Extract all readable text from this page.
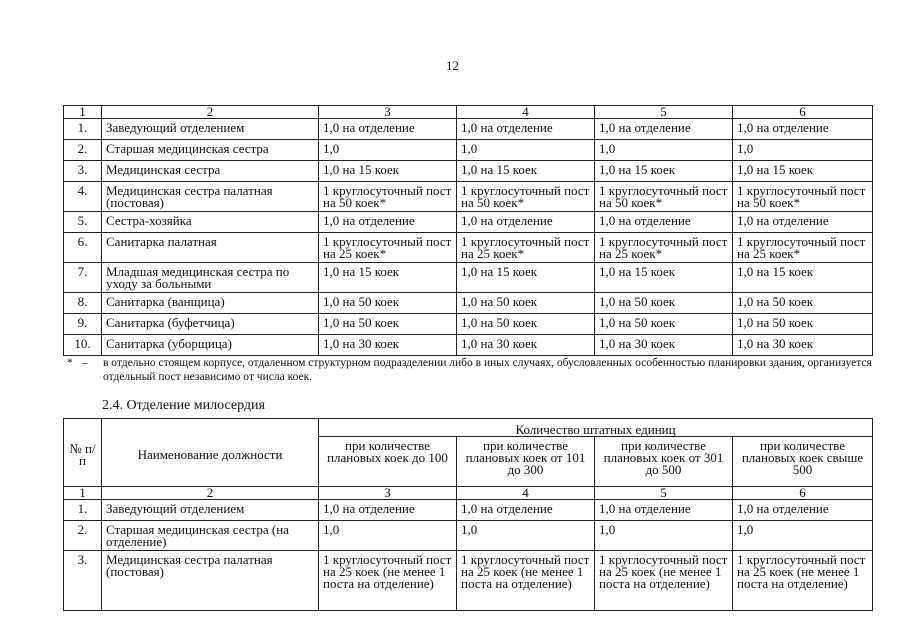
12
1	2	3	4	5	6
1.	Заведующий отделением	1,0 на отделение	1,0 на отделение	1,0 на отделение	1,0 на отделение
2.	Старшая медицинская сестра	1,0	1,0	1,0	1,0
3.	Медицинская сестра	1,0 на 15 коек	1,0 на 15 коек	1,0 на 15 коек	1,0 на 15 коек
4.	Медицинская сестра палатная (постовая)	1 круглосуточный пост на 50 коек*	1 круглосуточный пост на 50 коек*	1 круглосуточный пост на 50 коек*	1 круглосуточный пост на 50 коек*
5.	Сестра-хозяйка	1,0 на отделение	1,0 на отделение	1,0 на отделение	1,0 на отделение
6.	Санитарка палатная	1 круглосуточный пост на 25 коек*	1 круглосуточный пост на 25 коек*	1 круглосуточный пост на 25 коек*	1 круглосуточный пост на 25 коек*
7.	Младшая медицинская сестра по уходу за больными	1,0 на 15 коек	1,0 на 15 коек	1,0 на 15 коек	1,0 на 15 коек
8.	Санитарка (ванщица)	1,0 на 50 коек	1,0 на 50 коек	1,0 на 50 коек	1,0 на 50 коек
9.	Санитарка (буфетчица)	1,0 на 50 коек	1,0 на 50 коек	1,0 на 50 коек	1,0 на 50 коек
10.	Санитарка (уборщица)	1,0 на 30 коек	1,0 на 30 коек	1,0 на 30 коек	1,0 на 30 коек
* – в отдельно стоящем корпусе, отдаленном структурном подразделении либо в иных случаях, обусловленных особенностью планировки здания, организуется отдельный пост независимо от числа коек.
2.4. Отделение милосердия
№ п/п	Наименование должности	Количество штатных единиц			
		при количестве плановых коек до 100	при количестве плановых коек от 101 до 300	при количестве плановых коек от 301 до 500	при количестве плановых коек свыше 500
1	2	3	4	5	6
1.	Заведующий отделением	1,0 на отделение	1,0 на отделение	1,0 на отделение	1,0 на отделение
2.	Старшая медицинская сестра (на отделение)	1,0	1,0	1,0	1,0
3.	Медицинская сестра палатная (постовая)	1 круглосуточный пост на 25 коек (не менее 1 поста на отделение)	1 круглосуточный пост на 25 коек (не менее 1 поста на отделение)	1 круглосуточный пост на 25 коек (не менее 1 поста на отделение)	1 круглосуточный пост на 25 коек (не менее 1 поста на отделение)
